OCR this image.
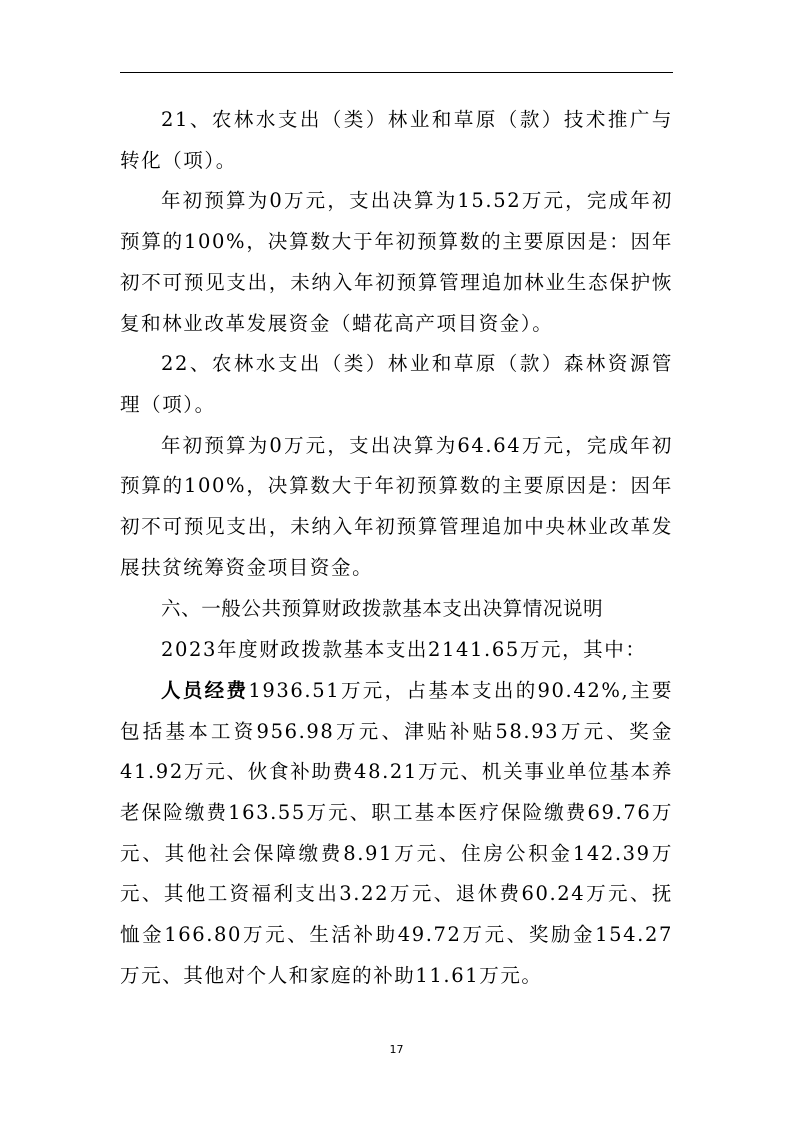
21、农林水支出（类）林业和草原（款）技术推广与转化（项）。

年初预算为0万元，支出决算为15.52万元，完成年初预算的100%，决算数大于年初预算数的主要原因是：因年初不可预见支出，未纳入年初预算管理追加林业生态保护恢复和林业改革发展资金（蜡花高产项目资金）。

22、农林水支出（类）林业和草原（款）森林资源管理（项）。

年初预算为0万元，支出决算为64.64万元，完成年初预算的100%，决算数大于年初预算数的主要原因是：因年初不可预见支出，未纳入年初预算管理追加中央林业改革发展扶贫统筹资金项目资金。

六、一般公共预算财政拨款基本支出决算情况说明

2023年度财政拨款基本支出2141.65万元，其中：

人员经费1936.51万元，占基本支出的90.42%,主要包括基本工资956.98万元、津贴补贴58.93万元、奖金41.92万元、伙食补助费48.21万元、机关事业单位基本养老保险缴费163.55万元、职工基本医疗保险缴费69.76万元、其他社会保障缴费8.91万元、住房公积金142.39万元、其他工资福利支出3.22万元、退休费60.24万元、抚恤金166.80万元、生活补助49.72万元、奖励金154.27万元、其他对个人和家庭的补助11.61万元。

17
